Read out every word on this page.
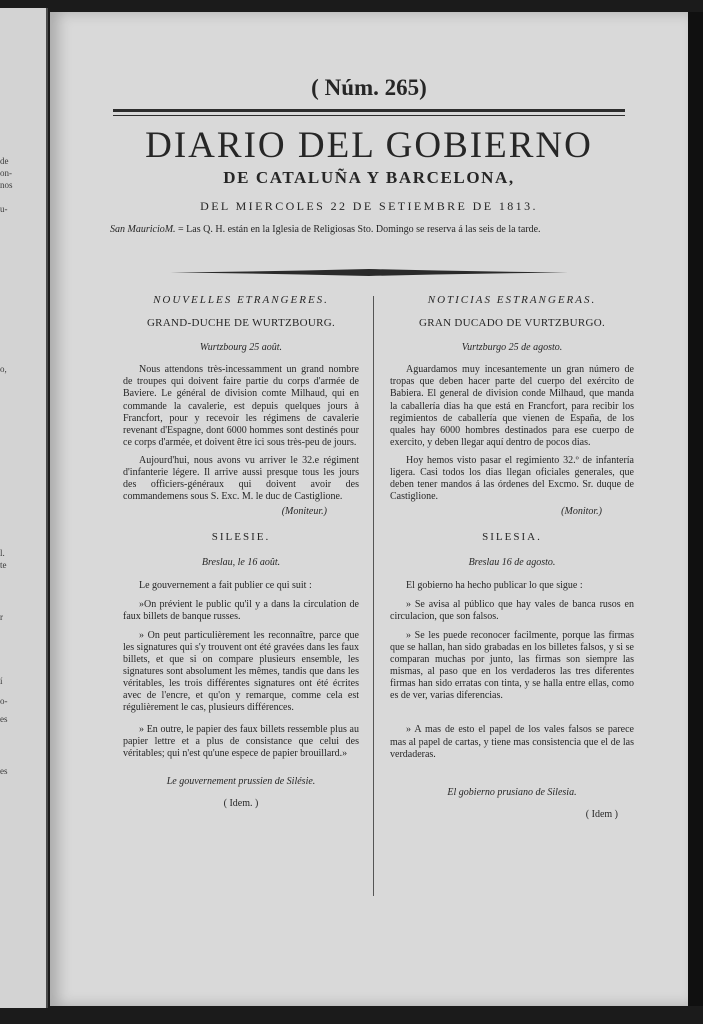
de
on-
nos
u-
o,
l.
te
r
í
o-
es
es
( Núm. 265)
DIARIO DEL GOBIERNO
DE CATALUÑA Y BARCELONA,
DEL MIERCOLES 22 DE SETIEMBRE DE 1813.
San MauricioM. = Las Q. H. están en la Iglesia de Religiosas Sto. Domingo se reserva á las seis de la tarde.

NOUVELLES ETRANGERES.

GRAND-DUCHE DE WURTZBOURG.

Wurtzbourg 25 août.

Nous attendons très-incessamment un grand nombre de troupes qui doivent faire partie du corps d'armée de Baviere. Le général de division comte Milhaud, qui en commande la cavalerie, est depuis quelques jours à Francfort, pour y recevoir les régimens de cavalerie revenant d'Espagne, dont 6000 hommes sont destinés pour ce corps d'armée, et doivent être ici sous très-peu de jours.

Aujourd'hui, nous avons vu arriver le 32.e régiment d'infanterie légere. Il arrive aussi presque tous les jours des officiers-généraux qui doivent avoir des commandemens sous S. Exc. M. le duc de Castiglione.

(Moniteur.)

SILESIE.

Breslau, le 16 août.

Le gouvernement a fait publier ce qui suit :

»On prévient le public qu'il y a dans la circulation de faux billets de banque russes.

» On peut particulièrement les reconnaître, parce que les signatures qui s'y trouvent ont été gravées dans les faux billets, et que si on compare plusieurs ensemble, les signatures sont absolument les mêmes, tandis que dans les véritables, les trois différentes signatures ont été écrites avec de l'encre, et qu'on y remarque, comme cela est régulièrement le cas, plusieurs différences.

» En outre, le papier des faux billets ressemble plus au papier lettre et a plus de consistance que celui des véritables; qui n'est qu'une espece de papier brouillard.»

Le gouvernement prussien de Silésie.

( Idem. )

NOTICIAS ESTRANGERAS.

GRAN DUCADO DE VURTZBURGO.

Vurtzburgo 25 de agosto.

Aguardamos muy incesantemente un gran número de tropas que deben hacer parte del cuerpo del exército de Babiera. El general de division conde Milhaud, que manda la caballería dias ha que está en Francfort, para recibir los regimientos de caballería que vienen de España, de los quales hay 6000 hombres destinados para ese cuerpo de exercito, y deben llegar aquí dentro de pocos dias.

Hoy hemos visto pasar el regimiento 32.º de infantería ligera. Casi todos los dias llegan oficiales generales, que deben tener mandos á las órdenes del Excmo. Sr. duque de Castiglione.

(Monitor.)

SILESIA.

Breslau 16 de agosto.

El gobierno ha hecho publicar lo que sigue :

» Se avisa al público que hay vales de banca rusos en circulacion, que son falsos.

» Se les puede reconocer facilmente, porque las firmas que se hallan, han sido grabadas en los billetes falsos, y si se comparan muchas por junto, las firmas son siempre las mismas, al paso que en los verdaderos las tres diferentes firmas han sido erratas con tinta, y se halla entre ellas, como es de ver, varias diferencias.

» A mas de esto el papel de los vales falsos se parece mas al papel de cartas, y tiene mas consistencia que el de las verdaderas.

El gobierno prusiano de Silesia.

( Idem )
